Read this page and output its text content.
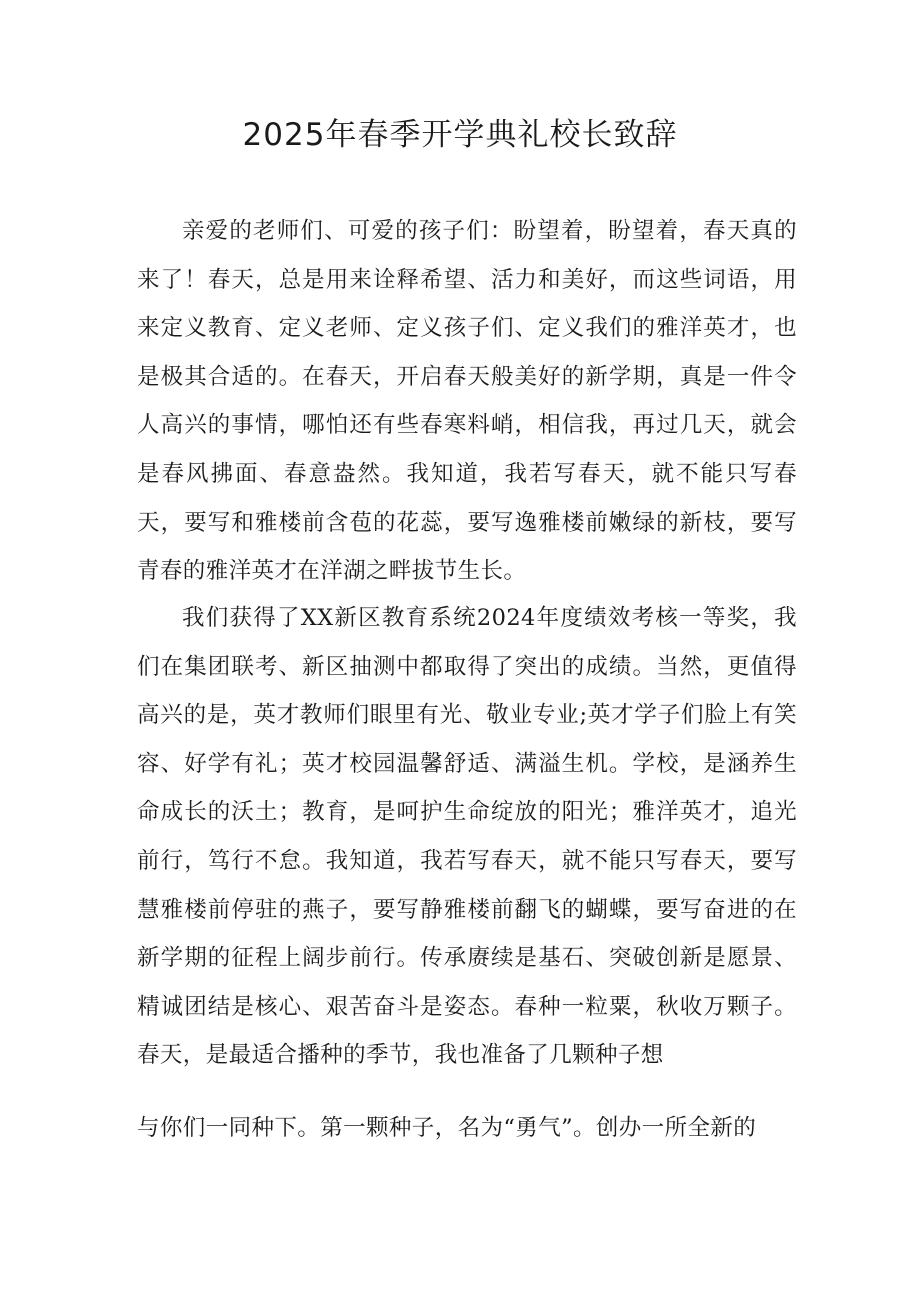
2025年春季开学典礼校长致辞

亲爱的老师们、可爱的孩子们：盼望着，盼望着，春天真的来了！春天，总是用来诠释希望、活力和美好，而这些词语，用来定义教育、定义老师、定义孩子们、定义我们的雅洋英才，也是极其合适的。在春天，开启春天般美好的新学期，真是一件令人高兴的事情，哪怕还有些春寒料峭，相信我，再过几天，就会是春风拂面、春意盎然。我知道，我若写春天，就不能只写春天，要写和雅楼前含苞的花蕊，要写逸雅楼前嫩绿的新枝，要写青春的雅洋英才在洋湖之畔拔节生长。

我们获得了XX新区教育系统2024年度绩效考核一等奖，我们在集团联考、新区抽测中都取得了突出的成绩。当然，更值得高兴的是，英才教师们眼里有光、敬业专业;英才学子们脸上有笑容、好学有礼；英才校园温馨舒适、满溢生机。学校，是涵养生命成长的沃土；教育，是呵护生命绽放的阳光；雅洋英才，追光前行，笃行不怠。我知道，我若写春天，就不能只写春天，要写慧雅楼前停驻的燕子，要写静雅楼前翻飞的蝴蝶，要写奋进的在新学期的征程上阔步前行。传承赓续是基石、突破创新是愿景、精诚团结是核心、艰苦奋斗是姿态。春种一粒粟，秋收万颗子。春天，是最适合播种的季节，我也准备了几颗种子想

与你们一同种下。第一颗种子，名为“勇气”。创办一所全新的
